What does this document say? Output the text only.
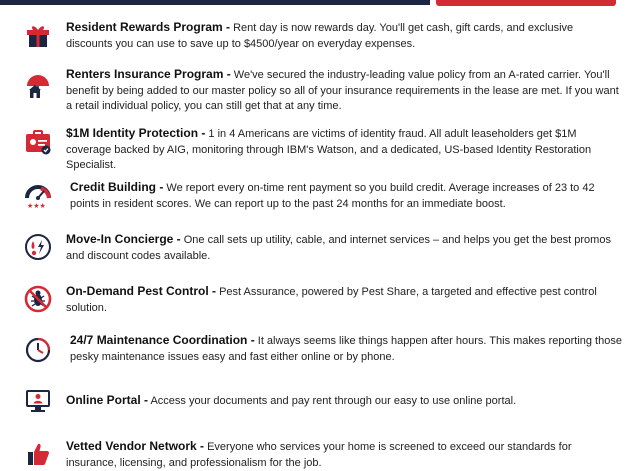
Resident Rewards Program - Rent day is now rewards day. You'll get cash, gift cards, and exclusive discounts you can use to save up to $4500/year on everyday expenses.
Renters Insurance Program - We've secured the industry-leading value policy from an A-rated carrier. You'll benefit by being added to our master policy so all of your insurance requirements in the lease are met. If you want a retail individual policy, you can still get that at any time.
$1M Identity Protection - 1 in 4 Americans are victims of identity fraud. All adult leaseholders get $1M coverage backed by AIG, monitoring through IBM's Watson, and a dedicated, US-based Identity Restoration Specialist.
★★★
Credit Building - We report every on-time rent payment so you build credit. Average increases of 23 to 42 points in resident scores. We can report up to the past 24 months for an immediate boost.
Move-In Concierge - One call sets up utility, cable, and internet services – and helps you get the best promos and discount codes available.
On-Demand Pest Control - Pest Assurance, powered by Pest Share, a targeted and effective pest control solution.
24/7 Maintenance Coordination - It always seems like things happen after hours. This makes reporting those pesky maintenance issues easy and fast either online or by phone.
Online Portal - Access your documents and pay rent through our easy to use online portal.
Vetted Vendor Network - Everyone who services your home is screened to exceed our standards for insurance, licensing, and professionalism for the job.
